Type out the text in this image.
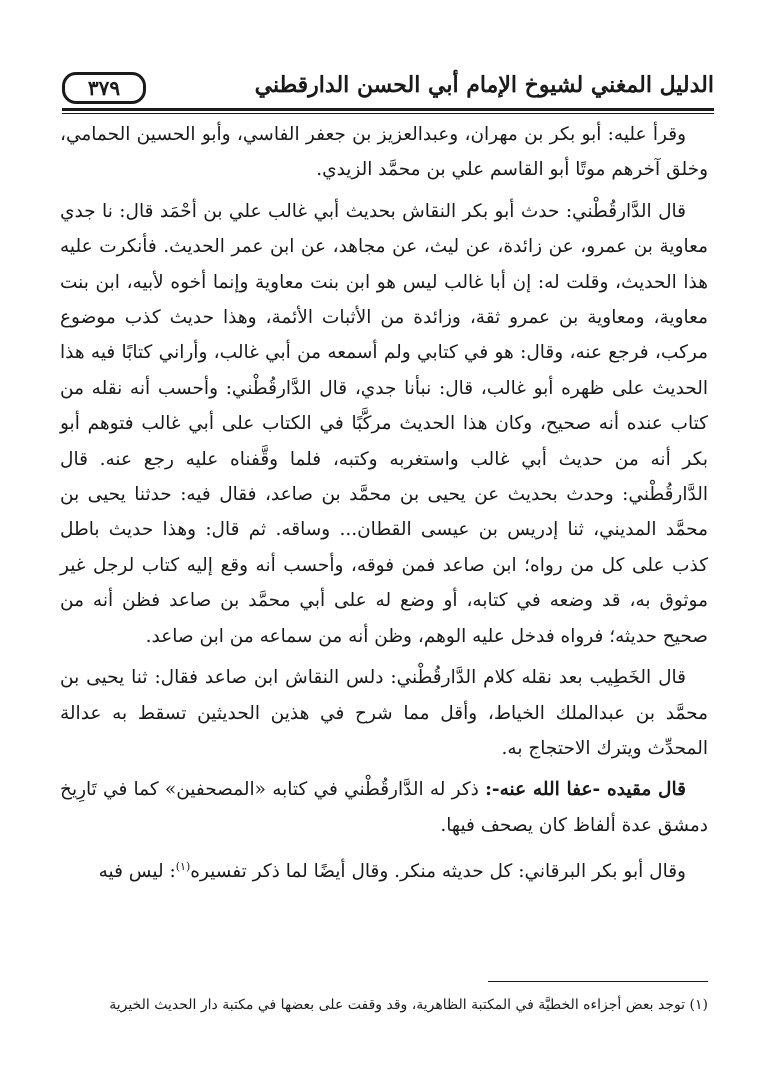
الدليل المغني لشيوخ الإمام أبي الحسن الدارقطني
٣٧٩

وقرأ عليه: أبو بكر بن مهران، وعبدالعزيز بن جعفر الفاسي، وأبو الحسين الحمامي، وخلق آخرهم موتًا أبو القاسم علي بن محمَّد الزيدي.

قال الدَّارقُطْني: حدث أبو بكر النقاش بحديث أبي غالب علي بن أحْمَد قال: نا جدي معاوية بن عمرو، عن زائدة، عن ليث، عن مجاهد، عن ابن عمر الحديث. فأنكرت عليه هذا الحديث، وقلت له: إن أبا غالب ليس هو ابن بنت معاوية وإنما أخوه لأبيه، ابن بنت معاوية، ومعاوية بن عمرو ثقة، وزائدة من الأثبات الأئمة، وهذا حديث كذب موضوع مركب، فرجع عنه، وقال: هو في كتابي ولم أسمعه من أبي غالب، وأراني كتابًا فيه هذا الحديث على ظهره أبو غالب، قال: نبأنا جدي، قال الدَّارقُطْني: وأحسب أنه نقله من كتاب عنده أنه صحيح، وكان هذا الحديث مركَّبًا في الكتاب على أبي غالب فتوهم أبو بكر أنه من حديث أبي غالب واستغربه وكتبه، فلما وقَّفناه عليه رجع عنه. قال الدَّارقُطْني: وحدث بحديث عن يحيى بن محمَّد بن صاعد، فقال فيه: حدثنا يحيى بن محمَّد المديني، ثنا إدريس بن عيسى القطان... وساقه. ثم قال: وهذا حديث باطل كذب على كل من رواه؛ ابن صاعد فمن فوقه، وأحسب أنه وقع إليه كتاب لرجل غير موثوق به، قد وضعه في كتابه، أو وضع له على أبي محمَّد بن صاعد فظن أنه من صحيح حديثه؛ فرواه فدخل عليه الوهم، وظن أنه من سماعه من ابن صاعد.

قال الخَطِيب بعد نقله كلام الدَّارقُطْني: دلس النقاش ابن صاعد فقال: ثنا يحيى بن محمَّد بن عبدالملك الخياط، وأقل مما شرح في هذين الحديثين تسقط به عدالة المحدِّث ويترك الاحتجاج به.

قال مقيده -عفا الله عنه-: ذكر له الدَّارقُطْني في كتابه «المصحفين» كما في تَارِيخ دمشق عدة ألفاظ كان يصحف فيها.

وقال أبو بكر البرقاني: كل حديثه منكر. وقال أيضًا لما ذكر تفسيره$^{(١)}$: ليس فيه

(١) توجد بعض أجزاءه الخطيَّة في المكتبة الظاهرية، وقد وقفت على بعضها في مكتبة دار الحديث الخيرية
